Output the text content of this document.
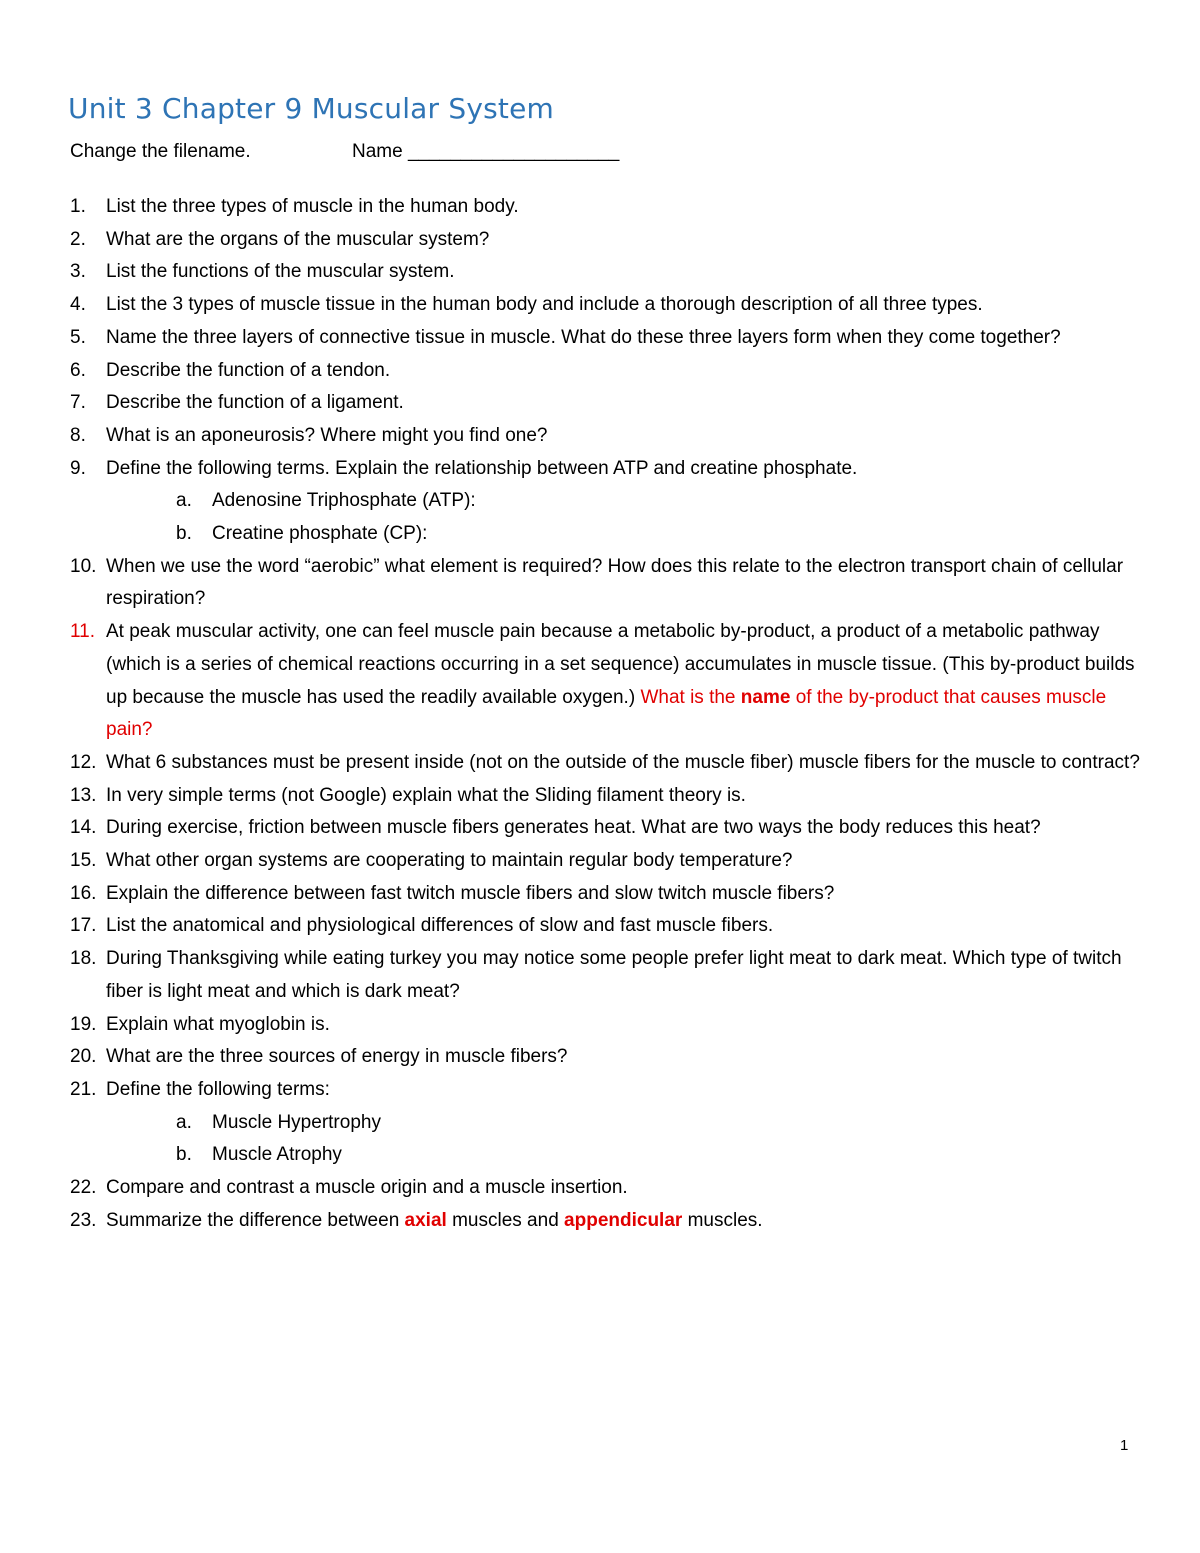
Unit 3 Chapter 9 Muscular System
Change the filename.	Name ____________________
1. List the three types of muscle in the human body.
2. What are the organs of the muscular system?
3. List the functions of the muscular system.
4. List the 3 types of muscle tissue in the human body and include a thorough description of all three types.
5. Name the three layers of connective tissue in muscle. What do these three layers form when they come together?
6. Describe the function of a tendon.
7. Describe the function of a ligament.
8. What is an aponeurosis? Where might you find one?
9. Define the following terms. Explain the relationship between ATP and creatine phosphate.
a. Adenosine Triphosphate (ATP):
b. Creatine phosphate (CP):
10. When we use the word “aerobic” what element is required? How does this relate to the electron transport chain of cellular respiration?
11. At peak muscular activity, one can feel muscle pain because a metabolic by-product, a product of a metabolic pathway (which is a series of chemical reactions occurring in a set sequence) accumulates in muscle tissue. (This by-product builds up because the muscle has used the readily available oxygen.) What is the name of the by-product that causes muscle pain?
12. What 6 substances must be present inside (not on the outside of the muscle fiber) muscle fibers for the muscle to contract?
13. In very simple terms (not Google) explain what the Sliding filament theory is.
14. During exercise, friction between muscle fibers generates heat. What are two ways the body reduces this heat?
15. What other organ systems are cooperating to maintain regular body temperature?
16. Explain the difference between fast twitch muscle fibers and slow twitch muscle fibers?
17. List the anatomical and physiological differences of slow and fast muscle fibers.
18. During Thanksgiving while eating turkey you may notice some people prefer light meat to dark meat. Which type of twitch fiber is light meat and which is dark meat?
19. Explain what myoglobin is.
20. What are the three sources of energy in muscle fibers?
21. Define the following terms:
a. Muscle Hypertrophy
b. Muscle Atrophy
22. Compare and contrast a muscle origin and a muscle insertion.
23. Summarize the difference between axial muscles and appendicular muscles.
1
